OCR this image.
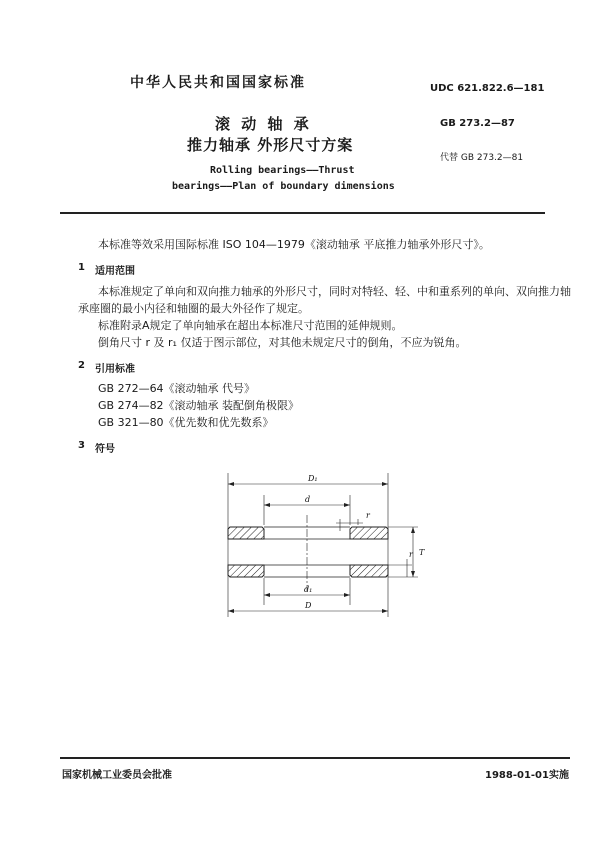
中华人民共和国国家标准	UDC 621.822.6—181
滚 动 轴 承	GB 273.2—87
推力轴承 外形尺寸方案
代替 GB 273.2—81
Rolling bearings——Thrust
bearings——Plan of boundary dimensions
本标准等效采用国际标准 ISO 104—1979《滚动轴承 平底推力轴承外形尺寸》。
1 适用范围
本标准规定了单向和双向推力轴承的外形尺寸，同时对特轻、轻、中和重系列的单向、双向推力轴
承座圈的最小内径和轴圈的最大外径作了规定。
标准附录A规定了单向轴承在超出本标准尺寸范围的延伸规则。
倒角尺寸 r 及 r₁ 仅适于图示部位，对其他未规定尺寸的倒角，不应为锐角。
2 引用标准
GB 272—64《滚动轴承 代号》
GB 274—82《滚动轴承 装配倒角极限》
GB 321—80《优先数和优先数系》
3 符号
D₁
d
r
r T
d₁
D
国家机械工业委员会批准	1988-01-01实施
